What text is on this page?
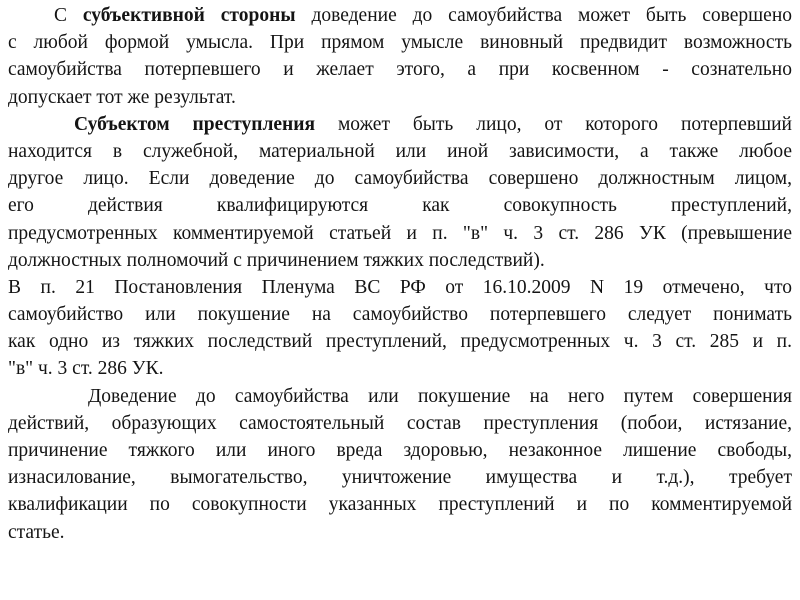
С субъективной стороны доведение до самоубийства может быть совершено
с любой формой умысла. При прямом умысле виновный предвидит возможность
самоубийства потерпевшего и желает этого, а при косвенном - сознательно
допускает тот же результат.
Субъектом преступления может быть лицо, от которого потерпевший
находится в служебной, материальной или иной зависимости, а также любое
другое лицо. Если доведение до самоубийства совершено должностным лицом,
его действия квалифицируются как совокупность преступлений,
предусмотренных комментируемой статьей и п. "в" ч. 3 ст. 286 УК (превышение
должностных полномочий с причинением тяжких последствий).
В п. 21 Постановления Пленума ВС РФ от 16.10.2009 N 19 отмечено, что
самоубийство или покушение на самоубийство потерпевшего следует понимать
как одно из тяжких последствий преступлений, предусмотренных ч. 3 ст. 285 и п.
"в" ч. 3 ст. 286 УК.
Доведение до самоубийства или покушение на него путем совершения
действий, образующих самостоятельный состав преступления (побои, истязание,
причинение тяжкого или иного вреда здоровью, незаконное лишение свободы,
изнасилование, вымогательство, уничтожение имущества и т.д.), требует
квалификации по совокупности указанных преступлений и по комментируемой
статье.
